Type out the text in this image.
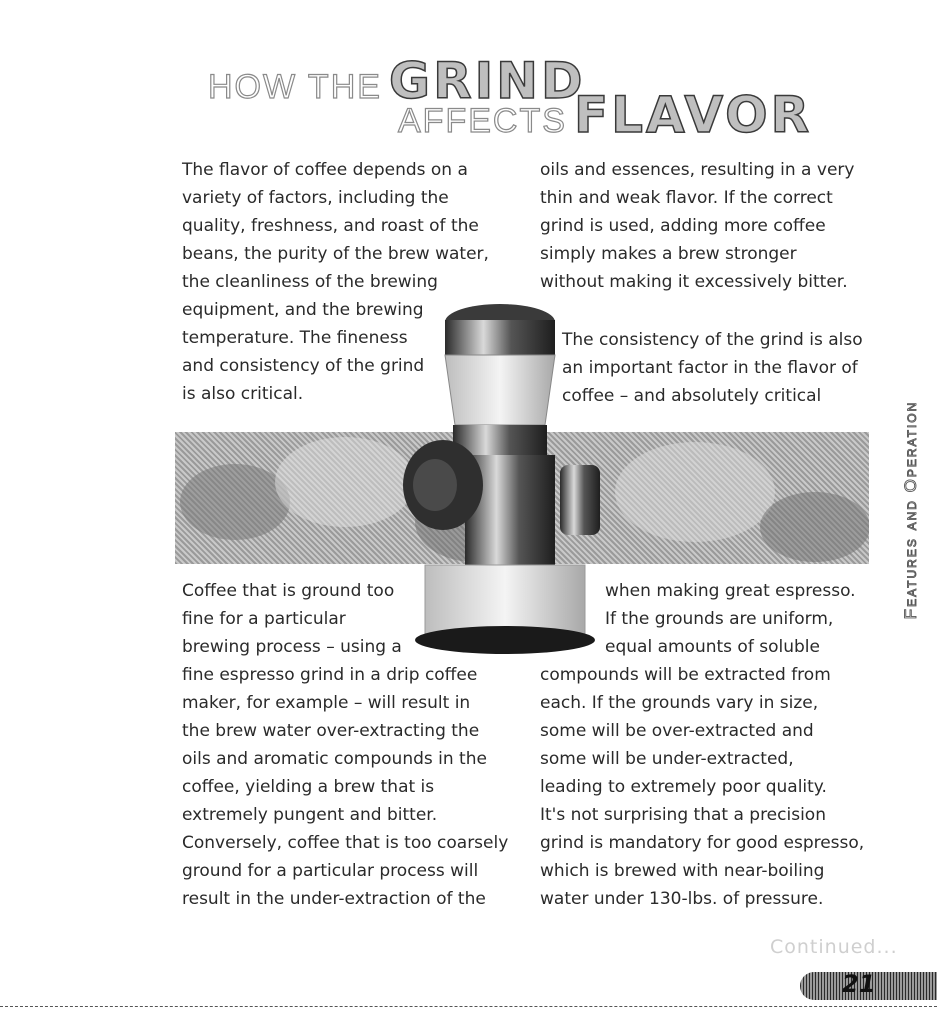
HOW THE GRIND
AFFECTS FLAVOR
The flavor of coffee depends on a
variety of factors, including the
quality, freshness, and roast of the
beans, the purity of the brew water,
the cleanliness of the brewing
equipment, and the brewing
temperature. The fineness
and consistency of the grind
is also critical.
oils and essences, resulting in a very
thin and weak flavor. If the correct
grind is used, adding more coffee
simply makes a brew stronger
without making it excessively bitter.
The consistency of the grind is also
an important factor in the flavor of
coffee – and absolutely critical
Coffee that is ground too
fine for a particular
brewing process – using a
fine espresso grind in a drip coffee
maker, for example – will result in
the brew water over-extracting the
oils and aromatic compounds in the
coffee, yielding a brew that is
extremely pungent and bitter.
Conversely, coffee that is too coarsely
ground for a particular process will
result in the under-extraction of the
when making great espresso.
If the grounds are uniform,
equal amounts of soluble
compounds will be extracted from
each. If the grounds vary in size,
some will be over-extracted and
some will be under-extracted,
leading to extremely poor quality.
It's not surprising that a precision
grind is mandatory for good espresso,
which is brewed with near-boiling
water under 130-lbs. of pressure.
Features and Operation
Continued...
21
